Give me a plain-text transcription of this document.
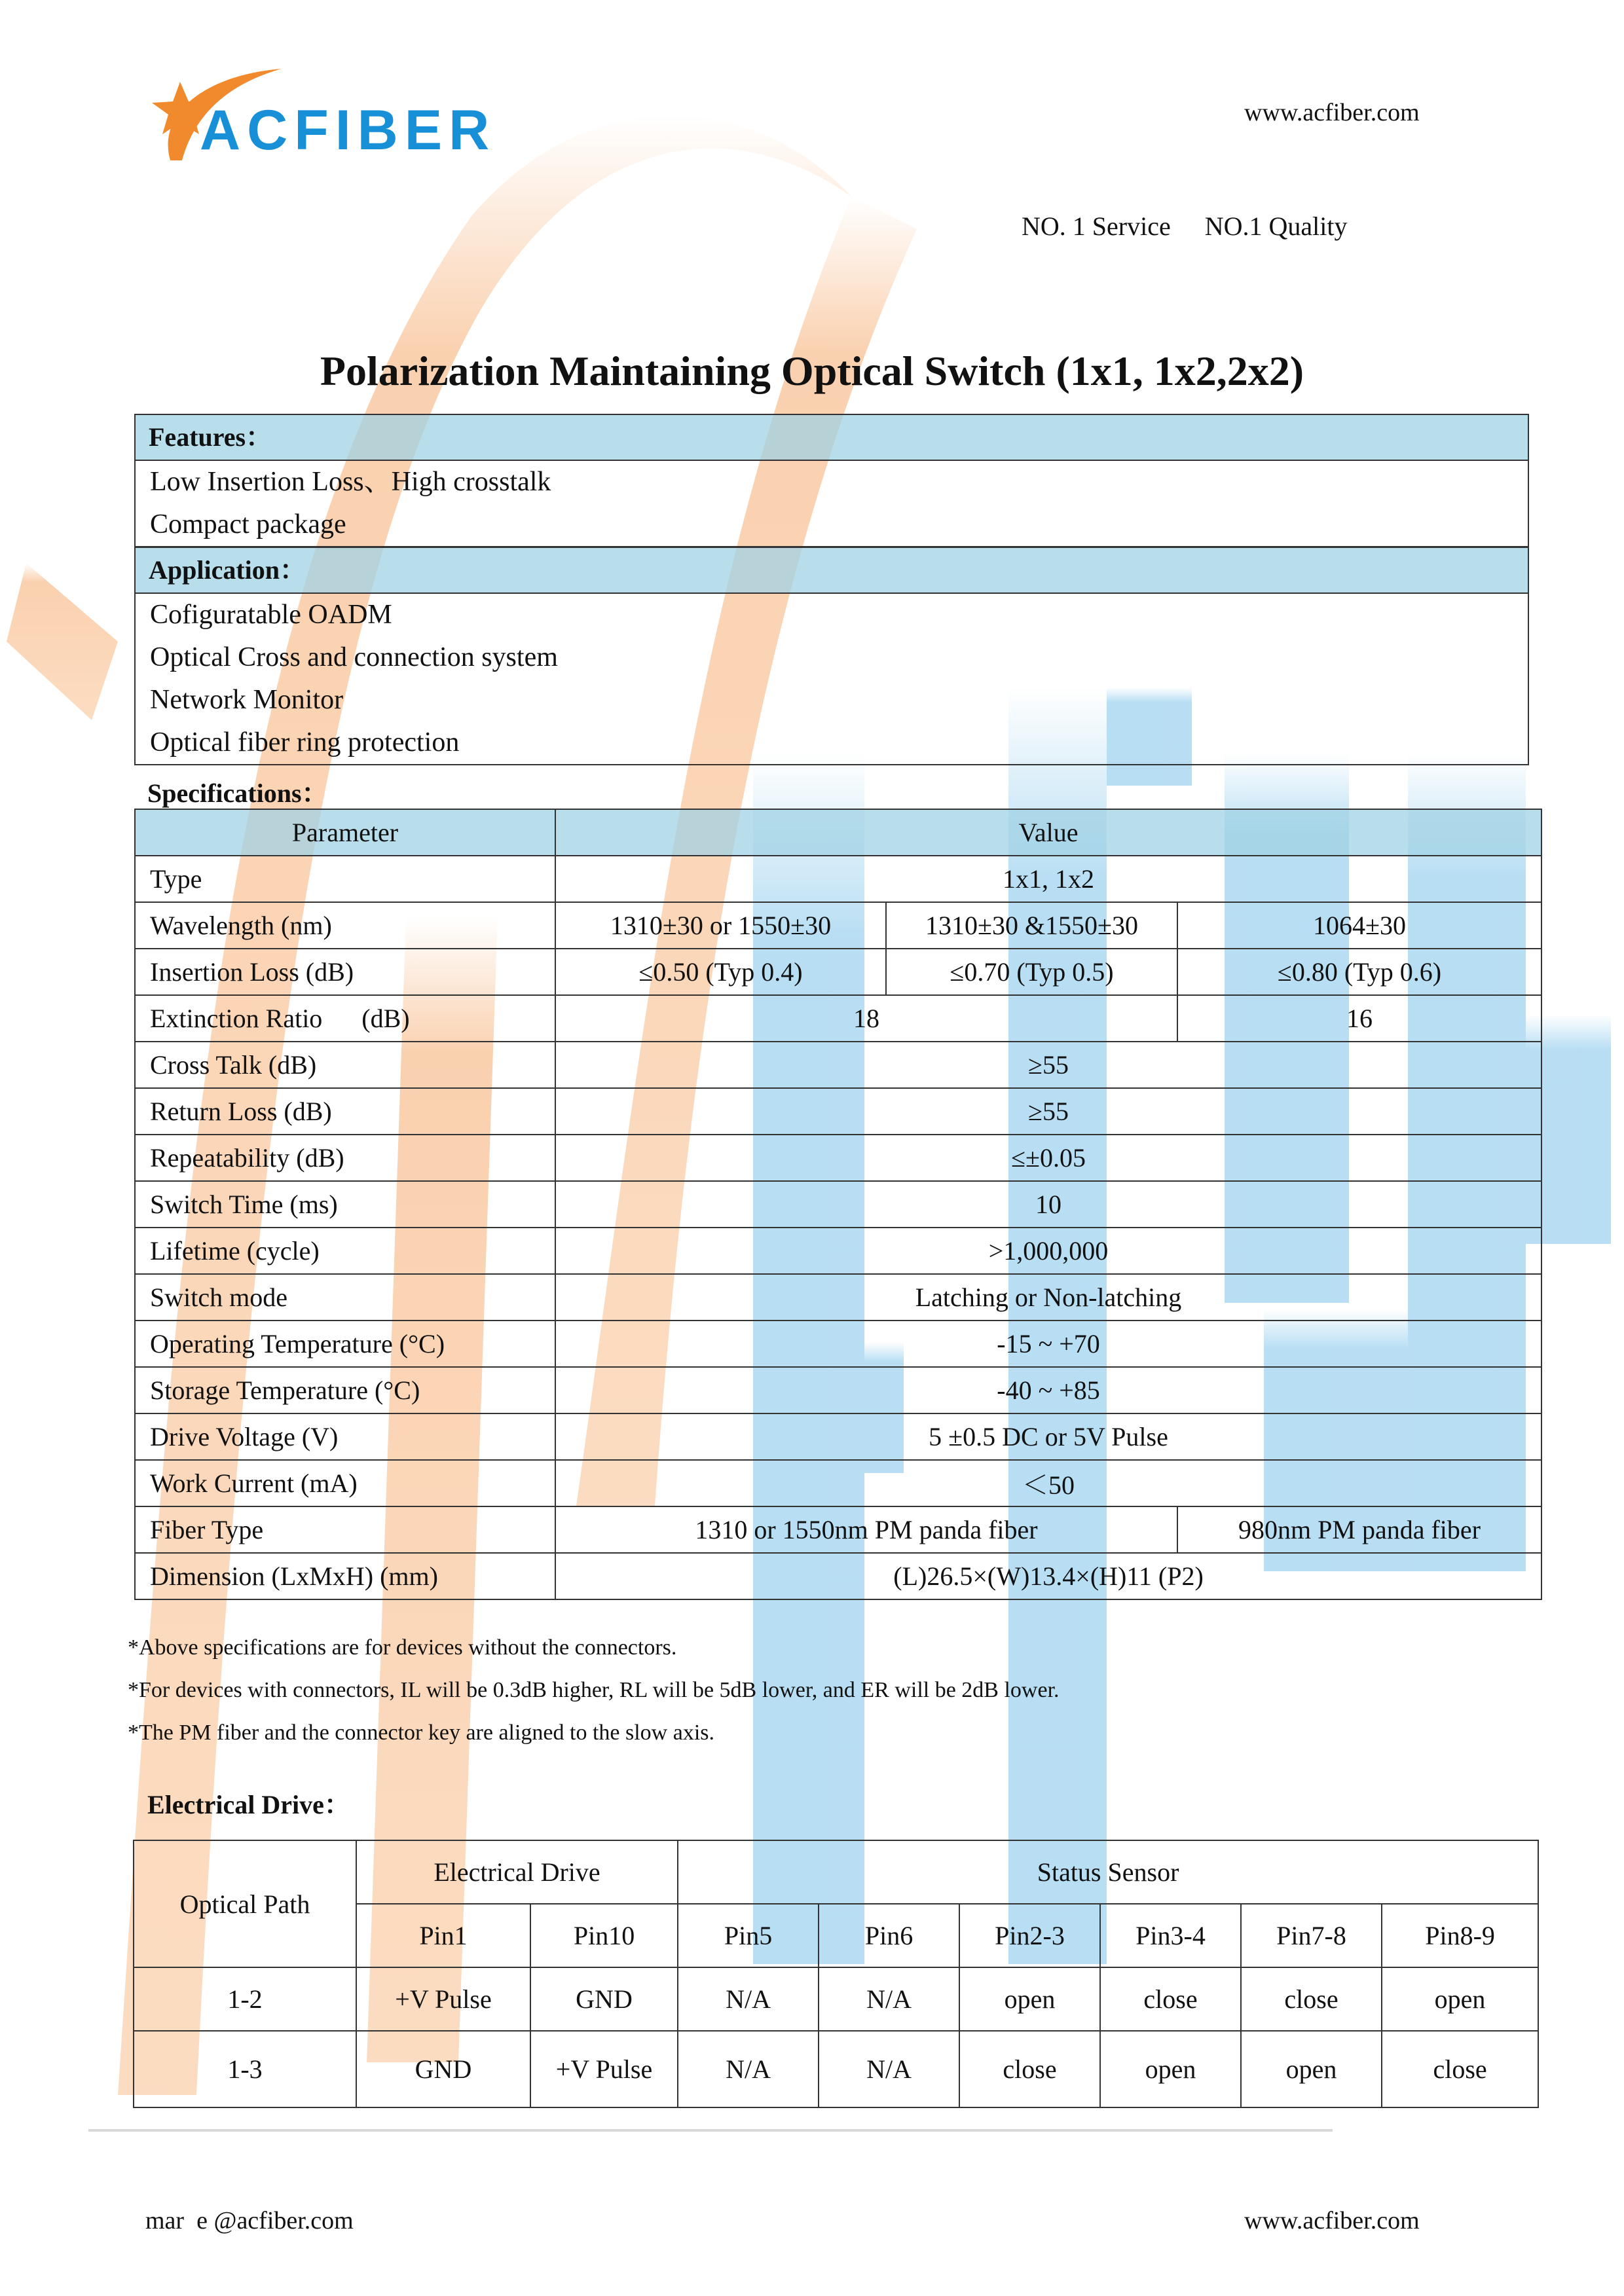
ACFIBER	www.acfiber.com
NO. 1 Service NO.1 Quality
Polarization Maintaining Optical Switch (1x1, 1x2,2x2)
Features：
Low Insertion Loss、High crosstalk
Compact package
Application：
Cofiguratable OADM
Optical Cross and connection system
Network Monitor
Optical fiber ring protection
Specifications：
Parameter	Value		
Type	1x1, 1x2		
Wavelength (nm)	1310±30 or 1550±30	1310±30 &1550±30	1064±30
Insertion Loss (dB)	≤0.50 (Typ 0.4)	≤0.70 (Typ 0.5)	≤0.80 (Typ 0.6)
Extinction Ratio      (dB)	18		16
Cross Talk (dB)	≥55		
Return Loss (dB)	≥55		
Repeatability (dB)	≤±0.05		
Switch Time (ms)	10		
Lifetime (cycle)	>1,000,000		
Switch mode	Latching or Non-latching		
Operating Temperature (°C)	-15 ~ +70		
Storage Temperature (°C)	-40 ~ +85		
Drive Voltage (V)	5 ±0.5 DC or 5V Pulse		
Work Current (mA)	＜50		
Fiber Type	1310 or 1550nm PM panda fiber		980nm PM panda fiber
Dimension (LxMxH) (mm)	(L)26.5×(W)13.4×(H)11 (P2)		
*Above specifications are for devices without the connectors.
*For devices with connectors, IL will be 0.3dB higher, RL will be 5dB lower, and ER will be 2dB lower.
*The PM fiber and the connector key are aligned to the slow axis.
Electrical Drive：
Optical Path	Electrical Drive		Status Sensor					
	Pin1	Pin10	Pin5	Pin6	Pin2-3	Pin3-4	Pin7-8	Pin8-9
1-2	+V Pulse	GND	N/A	N/A	open	close	close	open
1-3	GND	+V Pulse	N/A	N/A	close	open	open	close
mar  e @acfiber.com	www.acfiber.com
